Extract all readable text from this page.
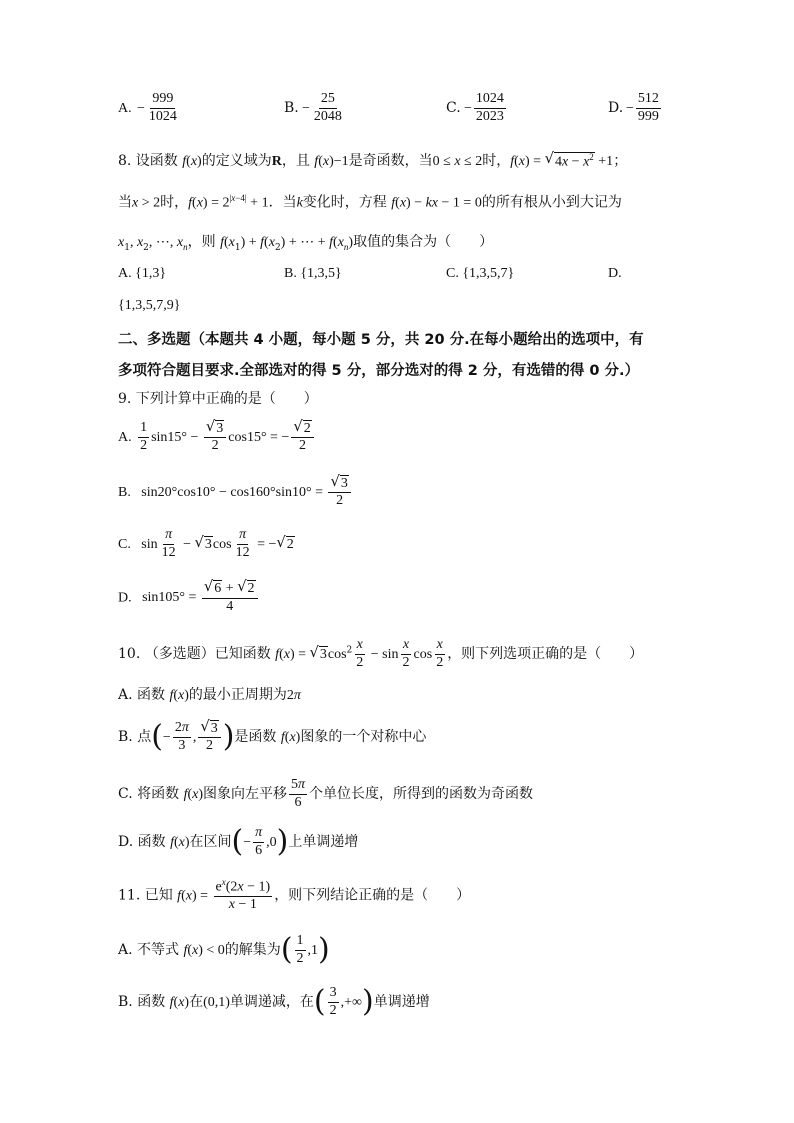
A. − $\frac{999}{1024}$	B. − $\frac{25}{2048}$	C. − $\frac{1024}{2023}$	D. − $\frac{512}{999}$
8. 设函数 f(x)的定义域为R，且 f(x)−1是奇函数，当0 ≤ x ≤ 2时，f(x) = √ $4x - x^2 +1$；
当x > 2时，$f(x) = 2^{|x-4|} + 1$．当k变化时，方程 f(x) − kx − 1 = 0的所有根从小到大记为
$x_1$, $x_2$, ⋯, $x_n$，则 $f(x_1) + f(x_2)$ + ⋯ + $f(x_n)$取值的集合为（　　）
A. {1,3}	B. {1,3,5}	C. {1,3,5,7}	D.
{1,3,5,7,9}
二、多选题（本题共 4 小题，每小题 5 分，共 20 分.在每小题给出的选项中，有
多项符合题目要求.全部选对的得 5 分，部分选对的得 2 分，有选错的得 0 分.）
9. 下列计算中正确的是（　　）
A. $\frac{1}{2} \sin 15^\circ - \frac{√ 3}{2} \cos 15^\circ$ = − $\frac{√ 2}{2}$
B. $\sin 20^\circ\cos 10^\circ - \cos 160^\circ\sin 10^\circ = \frac{√ 3}{2}$
C. $\sin \frac{\pi}{12}$ − √ 3 $\cos \frac{\pi}{12}$ = − √ 2
D. $\sin 105^\circ = \frac{√ 6 + √ 2}{4}$
10. （多选题）已知函数 f(x) = √ 3 $\cos^2 \frac{x}{2} - \sin \frac{x}{2}$ $\cos \frac{x}{2}$ ，则下列选项正确的是（　　）
A. 函数 f(x)的最小正周期为2π
B. 点(− $\frac{2\pi}{3}$ , $\frac{√ 3}{2}$ )是函数 f(x)图象的一个对称中心
C. 将函数 f(x)图象向左平移 $\frac{5\pi}{6}$ 个单位长度，所得到的函数为奇函数
D. 函数 f(x)在区间(− $\frac{\pi}{6} ,0$)上单调递增
11. 已知 $f(x) = \frac{e^x(2x - 1)}{x - 1}$ ，则下列结论正确的是（　　）
A. 不等式 f(x) < 0的解集为( $\frac{1}{2} ,1$)
B. 函数 f(x)在(0,1)单调递减，在( $\frac{3}{2}$ ,+∞)单调递增
